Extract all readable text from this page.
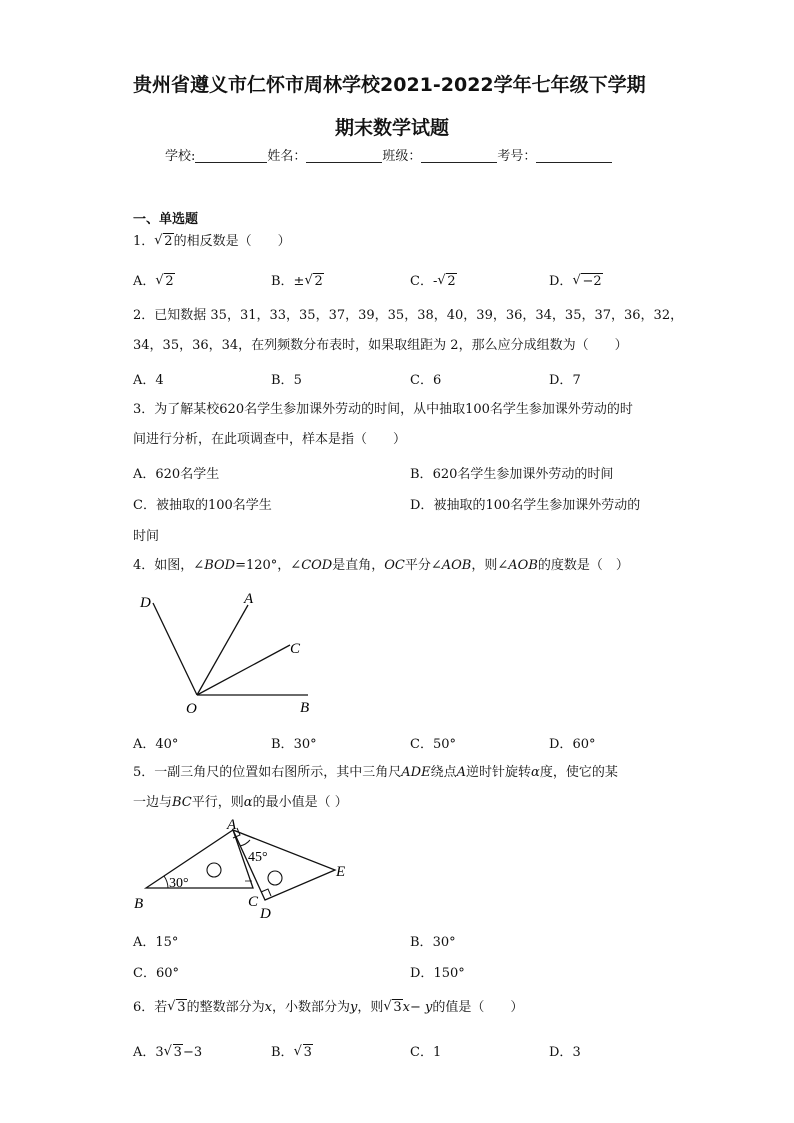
贵州省遵义市仁怀市周林学校2021-2022学年七年级下学期
期末数学试题
学校:	姓名：	班级：	考号：
一、单选题
1． √ 2的相反数是（　　）
A． √ 2	B．± √ 2	C．- √ 2	D． √ −2
2．已知数据 35，31，33，35，37，39，35，38，40，39，36，34，35，37，36，32，
34，35，36，34，在列频数分布表时，如果取组距为 2，那么应分成组数为（　　）
A．4	B．5	C．6	D．7
3．为了解某校620名学生参加课外劳动的时间，从中抽取100名学生参加课外劳动的时
间进行分析，在此项调查中，样本是指（　　）
A．620名学生	B．620名学生参加课外劳动的时间
C．被抽取的100名学生	D．被抽取的100名学生参加课外劳动的
时间
4．如图，∠BOD=120°，∠COD是直角，OC平分∠AOB，则∠AOB的度数是（　）
D	A
C
O	B
A．40°	B．30°	C．50°	D．60°
5．一副三角尺的位置如右图所示，其中三角尺ADE绕点A逆时针旋转α度，使它的某
一边与BC平行，则α的最小值是（ ）
A
B	C
D
E
30°
45°
A．15°	B．30°
C．60°	D．150°
6．若 √ 3的整数部分为x，小数部分为y，则 √ 3x− y的值是（　　）
A．3 √ 3−3	B． √ 3	C．1	D．3
